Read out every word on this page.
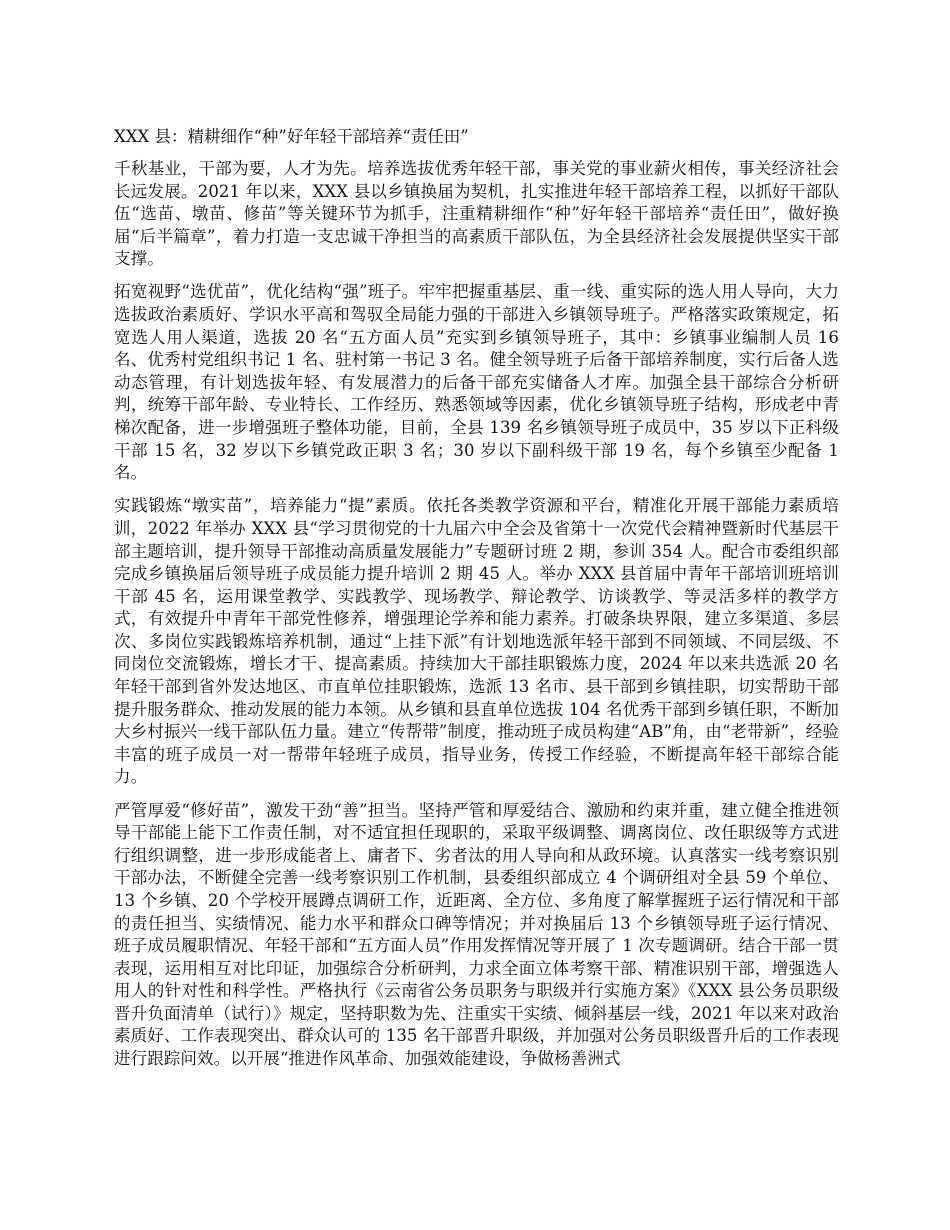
XXX 县：精耕细作“种”好年轻干部培养“责任田”

千秋基业，干部为要，人才为先。培养选拔优秀年轻干部，事关党的事业薪火相传，事关经济社会长远发展。2021 年以来，XXX 县以乡镇换届为契机，扎实推进年轻干部培养工程，以抓好干部队伍“选苗、墩苗、修苗”等关键环节为抓手，注重精耕细作“种”好年轻干部培养“责任田”，做好换届“后半篇章”，着力打造一支忠诚干净担当的高素质干部队伍，为全县经济社会发展提供坚实干部支撑。

拓宽视野“选优苗”，优化结构“强”班子。牢牢把握重基层、重一线、重实际的选人用人导向，大力选拔政治素质好、学识水平高和驾驭全局能力强的干部进入乡镇领导班子。严格落实政策规定，拓宽选人用人渠道，选拔 20 名“五方面人员”充实到乡镇领导班子，其中：乡镇事业编制人员 16 名、优秀村党组织书记 1 名、驻村第一书记 3 名。健全领导班子后备干部培养制度，实行后备人选动态管理，有计划选拔年轻、有发展潜力的后备干部充实储备人才库。加强全县干部综合分析研判，统筹干部年龄、专业特长、工作经历、熟悉领域等因素，优化乡镇领导班子结构，形成老中青梯次配备，进一步增强班子整体功能，目前，全县 139 名乡镇领导班子成员中，35 岁以下正科级干部 15 名，32 岁以下乡镇党政正职 3 名；30 岁以下副科级干部 19 名，每个乡镇至少配备 1 名。

实践锻炼“墩实苗”，培养能力“提”素质。依托各类教学资源和平台，精准化开展干部能力素质培训，2022 年举办 XXX 县“学习贯彻党的十九届六中全会及省第十一次党代会精神暨新时代基层干部主题培训，提升领导干部推动高质量发展能力”专题研讨班 2 期，参训 354 人。配合市委组织部完成乡镇换届后领导班子成员能力提升培训 2 期 45 人。举办 XXX 县首届中青年干部培训班培训干部 45 名，运用课堂教学、实践教学、现场教学、辩论教学、访谈教学、等灵活多样的教学方式，有效提升中青年干部党性修养，增强理论学养和能力素养。打破条块界限，建立多渠道、多层次、多岗位实践锻炼培养机制，通过“上挂下派”有计划地选派年轻干部到不同领域、不同层级、不同岗位交流锻炼，增长才干、提高素质。持续加大干部挂职锻炼力度，2024 年以来共选派 20 名年轻干部到省外发达地区、市直单位挂职锻炼，选派 13 名市、县干部到乡镇挂职，切实帮助干部提升服务群众、推动发展的能力本领。从乡镇和县直单位选拔 104 名优秀干部到乡镇任职，不断加大乡村振兴一线干部队伍力量。建立“传帮带”制度，推动班子成员构建“AB”角，由“老带新”，经验丰富的班子成员一对一帮带年轻班子成员，指导业务，传授工作经验，不断提高年轻干部综合能力。

严管厚爱“修好苗”，激发干劲“善”担当。坚持严管和厚爱结合、激励和约束并重，建立健全推进领导干部能上能下工作责任制，对不适宜担任现职的，采取平级调整、调离岗位、改任职级等方式进行组织调整，进一步形成能者上、庸者下、劣者汰的用人导向和从政环境。认真落实一线考察识别干部办法，不断健全完善一线考察识别工作机制，县委组织部成立 4 个调研组对全县 59 个单位、13 个乡镇、20 个学校开展蹲点调研工作，近距离、全方位、多角度了解掌握班子运行情况和干部的责任担当、实绩情况、能力水平和群众口碑等情况；并对换届后 13 个乡镇领导班子运行情况、班子成员履职情况、年轻干部和“五方面人员”作用发挥情况等开展了 1 次专题调研。结合干部一贯表现，运用相互对比印证，加强综合分析研判，力求全面立体考察干部、精准识别干部，增强选人用人的针对性和科学性。严格执行《云南省公务员职务与职级并行实施方案》《XXX 县公务员职级晋升负面清单（试行）》规定，坚持职数为先、注重实干实绩、倾斜基层一线，2021 年以来对政治素质好、工作表现突出、群众认可的 135 名干部晋升职级，并加强对公务员职级晋升后的工作表现进行跟踪问效。以开展“推进作风革命、加强效能建设，争做杨善洲式
